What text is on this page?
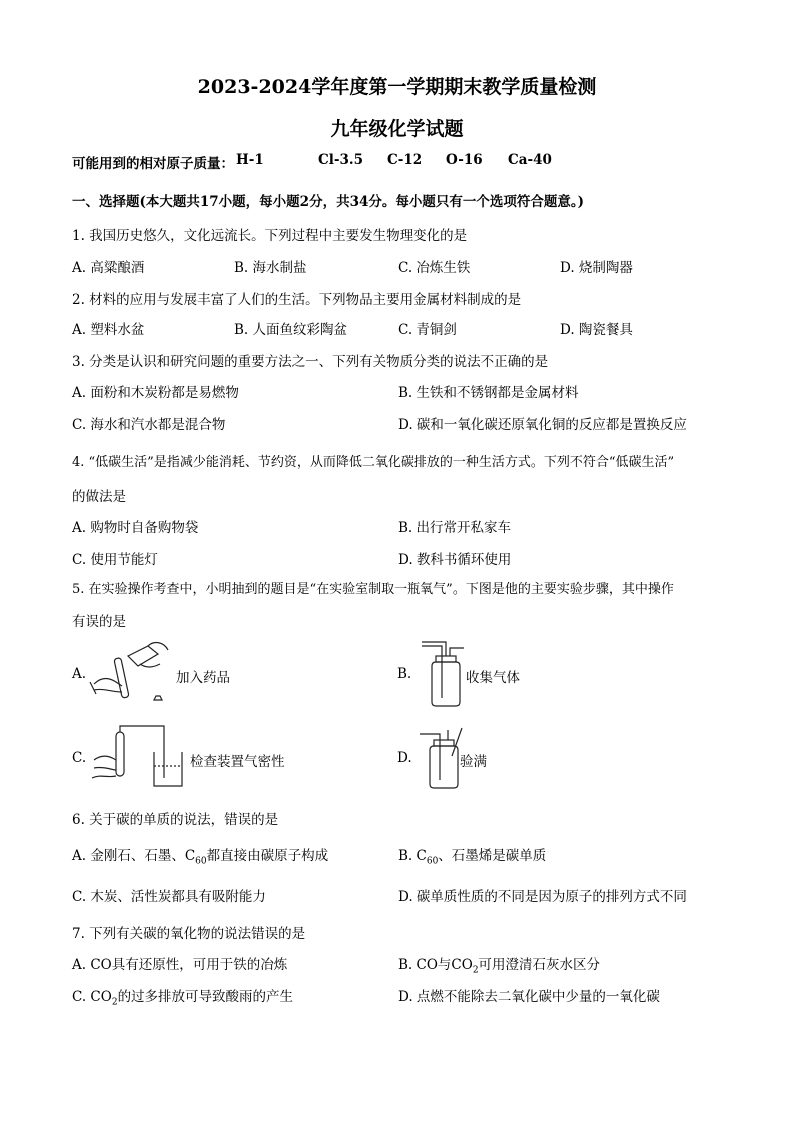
2023-2024学年度第一学期期末教学质量检测
九年级化学试题
可能用到的相对原子质量： H-1	Cl-3.5 C-12 O-16 Ca-40
一、选择题(本大题共17小题，每小题2分，共34分。每小题只有一个选项符合题意。)
1. 我国历史悠久，文化远流长。下列过程中主要发生物理变化的是
A. 高粱酿酒	B. 海水制盐	C. 冶炼生铁	D. 烧制陶器
2. 材料的应用与发展丰富了人们的生活。下列物品主要用金属材料制成的是
A. 塑料水盆	B. 人面鱼纹彩陶盆	C. 青铜剑	D. 陶瓷餐具
3. 分类是认识和研究问题的重要方法之一、下列有关物质分类的说法不正确的是
A. 面粉和木炭粉都是易燃物	B. 生铁和不锈钢都是金属材料
C. 海水和汽水都是混合物	D. 碳和一氧化碳还原氧化铜的反应都是置换反应
4. “低碳生活”是指减少能消耗、节约资，从而降低二氧化碳排放的一种生活方式。下列不符合“低碳生活”
的做法是
A. 购物时自备购物袋	B. 出行常开私家车
C. 使用节能灯	D. 教科书循环使用
5. 在实验操作考查中，小明抽到的题目是“在实验室制取一瓶氧气”。下图是他的主要实验步骤，其中操作
有误的是
A.	加入药品	B.	收集气体
C.	检查装置气密性	D.	验满
6. 关于碳的单质的说法，错误的是
A. 金刚石、石墨、$C_{60}$都直接由碳原子构成	B. $C_{60}$、石墨烯是碳单质
C. 木炭、活性炭都具有吸附能力	D. 碳单质性质的不同是因为原子的排列方式不同
7. 下列有关碳的氧化物的说法错误的是
A. CO具有还原性，可用于铁的冶炼	B. CO与$CO_2$可用澄清石灰水区分
C. $CO_2$的过多排放可导致酸雨的产生	D. 点燃不能除去二氧化碳中少量的一氧化碳
